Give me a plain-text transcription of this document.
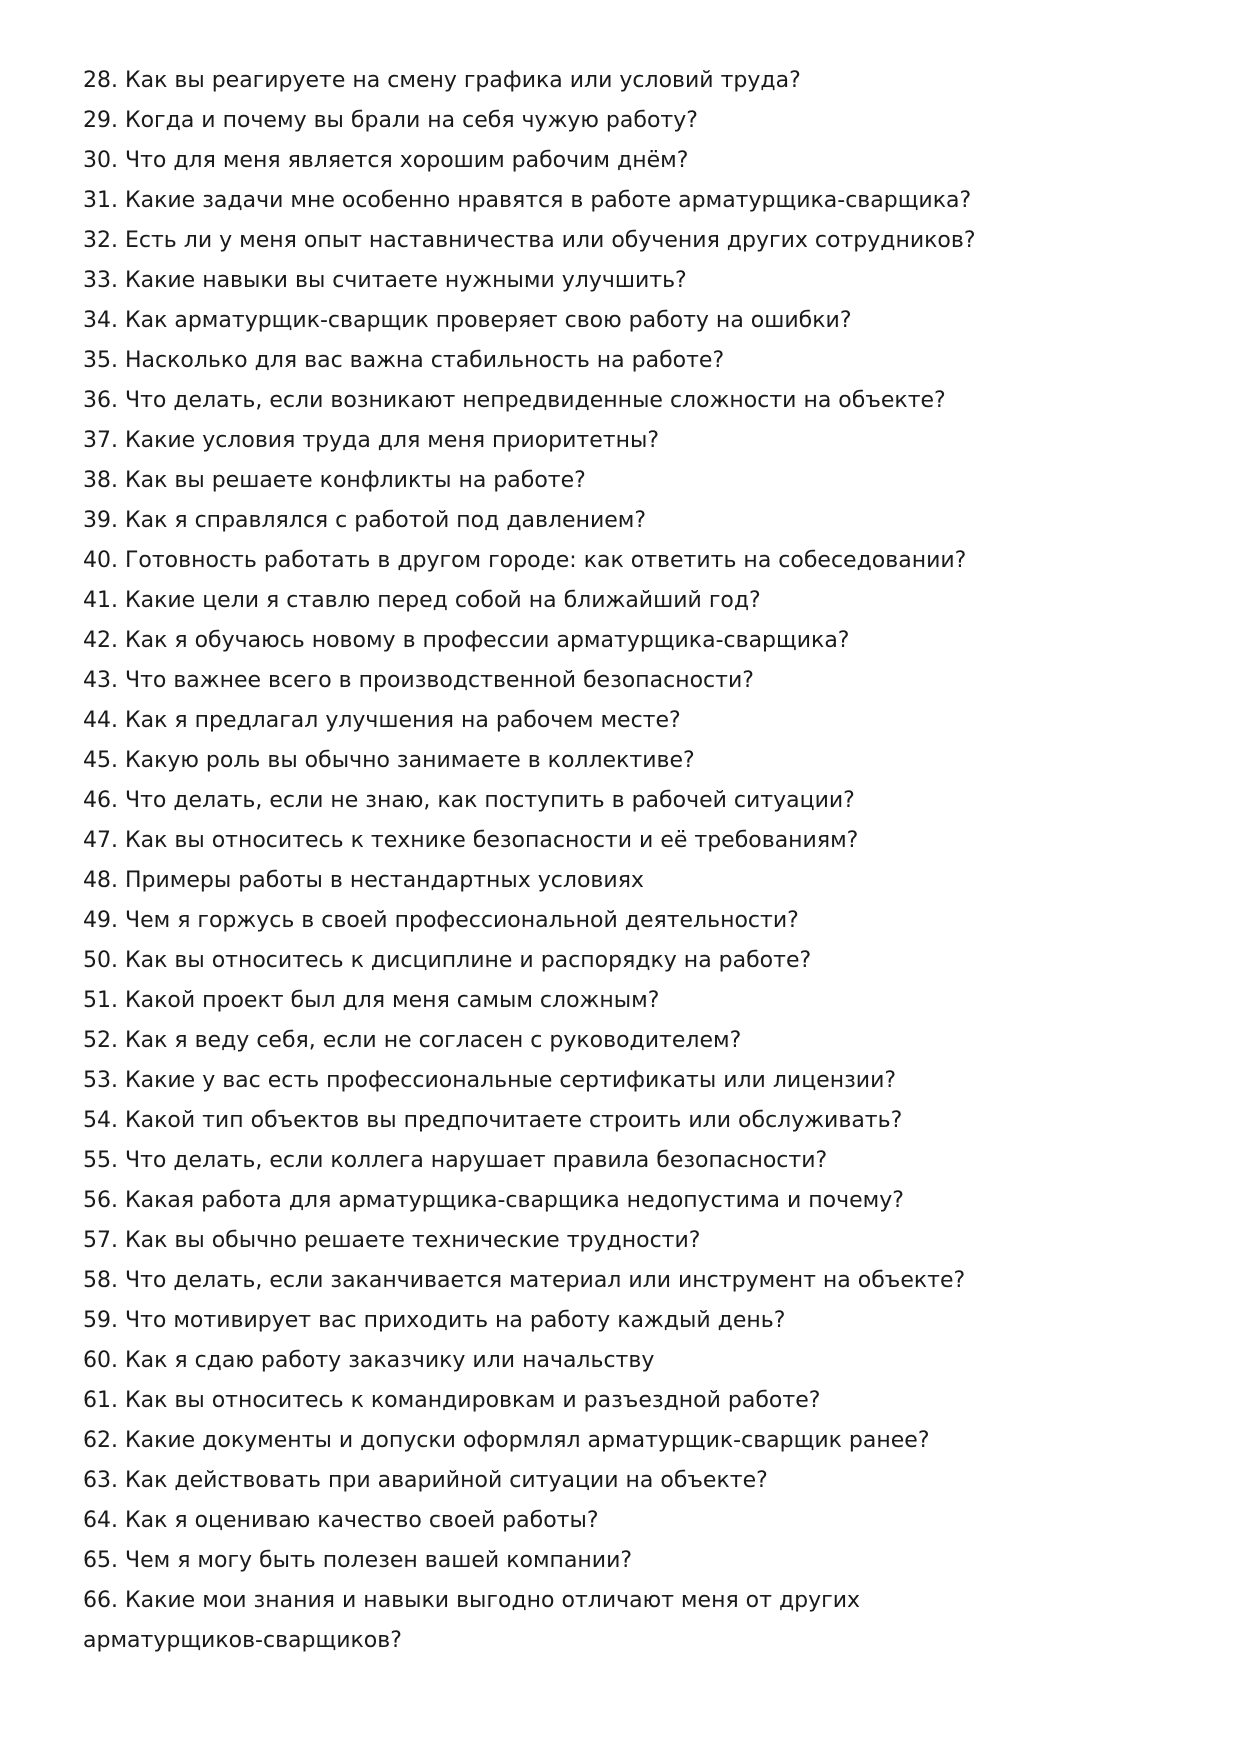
28. Как вы реагируете на смену графика или условий труда?
29. Когда и почему вы брали на себя чужую работу?
30. Что для меня является хорошим рабочим днём?
31. Какие задачи мне особенно нравятся в работе арматурщика-сварщика?
32. Есть ли у меня опыт наставничества или обучения других сотрудников?
33. Какие навыки вы считаете нужными улучшить?
34. Как арматурщик-сварщик проверяет свою работу на ошибки?
35. Насколько для вас важна стабильность на работе?
36. Что делать, если возникают непредвиденные сложности на объекте?
37. Какие условия труда для меня приоритетны?
38. Как вы решаете конфликты на работе?
39. Как я справлялся с работой под давлением?
40. Готовность работать в другом городе: как ответить на собеседовании?
41. Какие цели я ставлю перед собой на ближайший год?
42. Как я обучаюсь новому в профессии арматурщика-сварщика?
43. Что важнее всего в производственной безопасности?
44. Как я предлагал улучшения на рабочем месте?
45. Какую роль вы обычно занимаете в коллективе?
46. Что делать, если не знаю, как поступить в рабочей ситуации?
47. Как вы относитесь к технике безопасности и её требованиям?
48. Примеры работы в нестандартных условиях
49. Чем я горжусь в своей профессиональной деятельности?
50. Как вы относитесь к дисциплине и распорядку на работе?
51. Какой проект был для меня самым сложным?
52. Как я веду себя, если не согласен с руководителем?
53. Какие у вас есть профессиональные сертификаты или лицензии?
54. Какой тип объектов вы предпочитаете строить или обслуживать?
55. Что делать, если коллега нарушает правила безопасности?
56. Какая работа для арматурщика-сварщика недопустима и почему?
57. Как вы обычно решаете технические трудности?
58. Что делать, если заканчивается материал или инструмент на объекте?
59. Что мотивирует вас приходить на работу каждый день?
60. Как я сдаю работу заказчику или начальству
61. Как вы относитесь к командировкам и разъездной работе?
62. Какие документы и допуски оформлял арматурщик-сварщик ранее?
63. Как действовать при аварийной ситуации на объекте?
64. Как я оцениваю качество своей работы?
65. Чем я могу быть полезен вашей компании?
66. Какие мои знания и навыки выгодно отличают меня от других арматурщиков-сварщиков?
